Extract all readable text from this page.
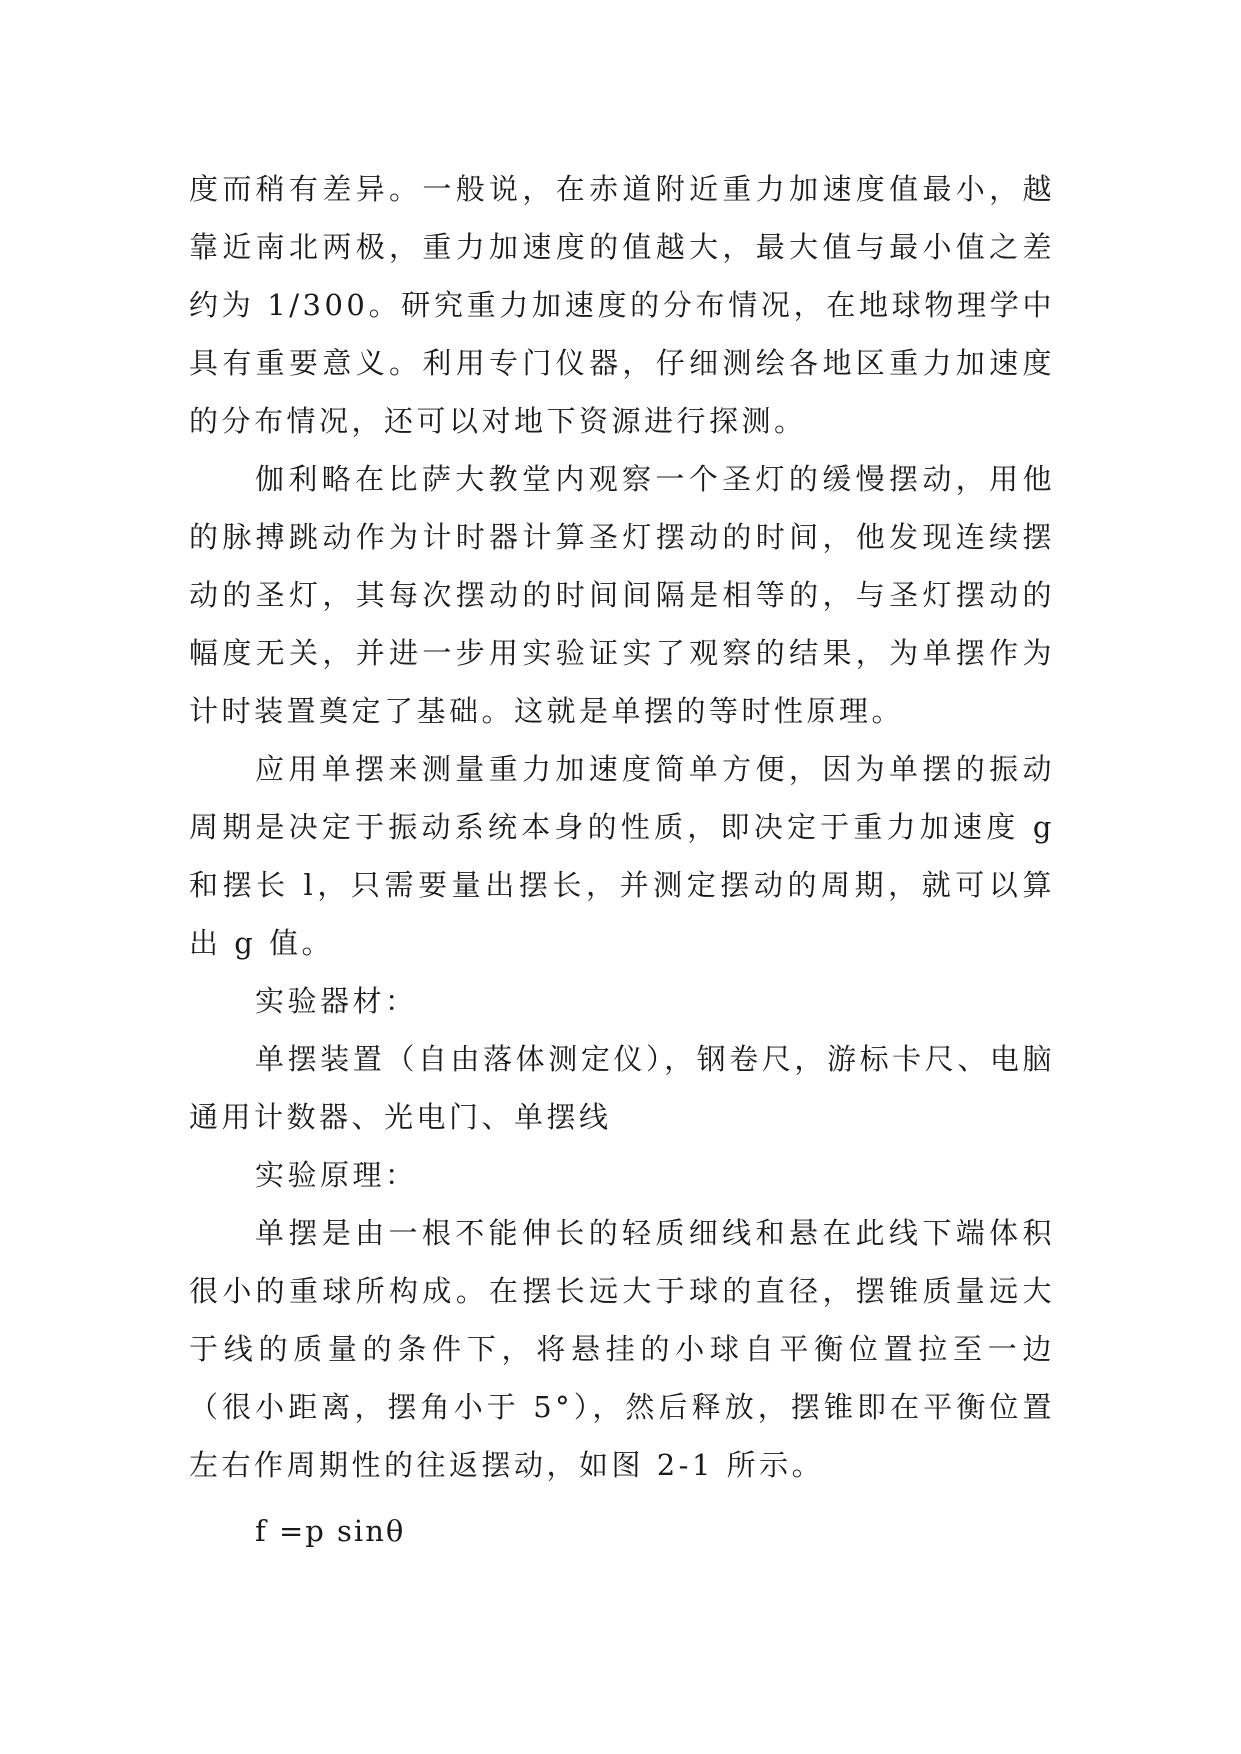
度而稍有差异。一般说，在赤道附近重力加速度值最小，越靠近南北两极，重力加速度的值越大，最大值与最小值之差约为 1/300。研究重力加速度的分布情况，在地球物理学中具有重要意义。利用专门仪器，仔细测绘各地区重力加速度的分布情况，还可以对地下资源进行探测。

伽利略在比萨大教堂内观察一个圣灯的缓慢摆动，用他的脉搏跳动作为计时器计算圣灯摆动的时间，他发现连续摆动的圣灯，其每次摆动的时间间隔是相等的，与圣灯摆动的幅度无关，并进一步用实验证实了观察的结果，为单摆作为计时装置奠定了基础。这就是单摆的等时性原理。

应用单摆来测量重力加速度简单方便，因为单摆的振动周期是决定于振动系统本身的性质，即决定于重力加速度 g 和摆长 l，只需要量出摆长，并测定摆动的周期，就可以算出 g 值。

实验器材：

单摆装置（自由落体测定仪），钢卷尺，游标卡尺、电脑通用计数器、光电门、单摆线

实验原理：

单摆是由一根不能伸长的轻质细线和悬在此线下端体积很小的重球所构成。在摆长远大于球的直径，摆锥质量远大于线的质量的条件下，将悬挂的小球自平衡位置拉至一边（很小距离，摆角小于 5°），然后释放，摆锥即在平衡位置左右作周期性的往返摆动，如图 2-1 所示。

f =p sinθ
